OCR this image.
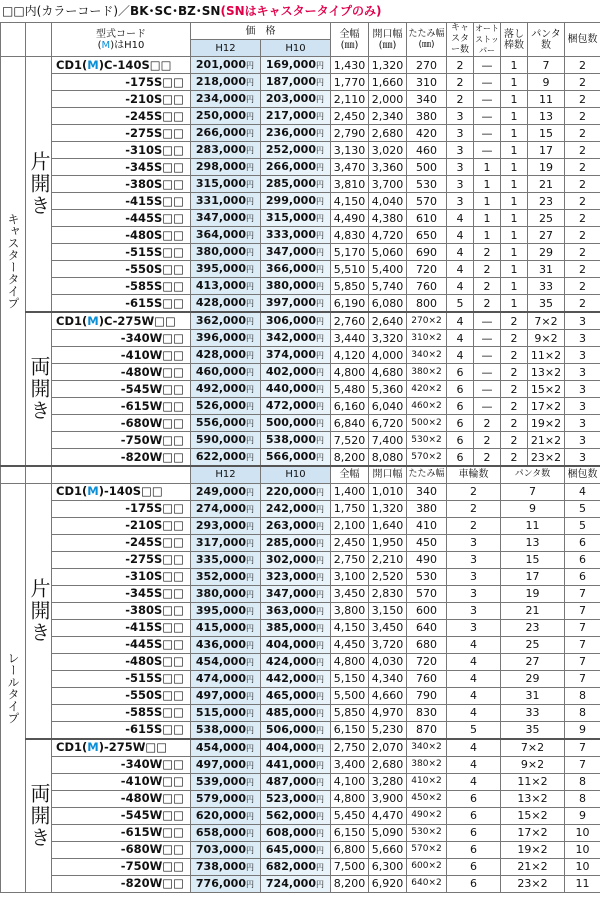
□□内(カラーコード)／BK･SC･BZ･SN(SNはキャスタータイプのみ)
		型式コード
(M)はH10	価　格		全幅
(㎜)	開口幅
(㎜)	たたみ幅
(㎜)	キャスター数	オートストッパー	落し棒数	パンタ数	梱包数
			H12	H10								
キャスタータイプ	片開き	CD1(M)C-140S□□	201,000円	169,000円	1,430	1,320	270	2	—	1	7	2
		-175S□□	218,000円	187,000円	1,770	1,660	310	2	—	1	9	2
		-210S□□	234,000円	203,000円	2,110	2,000	340	2	—	1	11	2
		-245S□□	250,000円	217,000円	2,450	2,340	380	3	—	1	13	2
		-275S□□	266,000円	236,000円	2,790	2,680	420	3	—	1	15	2
		-310S□□	283,000円	252,000円	3,130	3,020	460	3	—	1	17	2
		-345S□□	298,000円	266,000円	3,470	3,360	500	3	1	1	19	2
		-380S□□	315,000円	285,000円	3,810	3,700	530	3	1	1	21	2
		-415S□□	331,000円	299,000円	4,150	4,040	570	3	1	1	23	2
		-445S□□	347,000円	315,000円	4,490	4,380	610	4	1	1	25	2
		-480S□□	364,000円	333,000円	4,830	4,720	650	4	1	1	27	2
		-515S□□	380,000円	347,000円	5,170	5,060	690	4	2	1	29	2
		-550S□□	395,000円	366,000円	5,510	5,400	720	4	2	1	31	2
		-585S□□	413,000円	380,000円	5,850	5,740	760	4	2	1	33	2
		-615S□□	428,000円	397,000円	6,190	6,080	800	5	2	1	35	2
	両開き	CD1(M)C-275W□□	362,000円	306,000円	2,760	2,640	270×2	4	—	2	7×2	3
		-340W□□	396,000円	342,000円	3,440	3,320	310×2	4	—	2	9×2	3
		-410W□□	428,000円	374,000円	4,120	4,000	340×2	4	—	2	11×2	3
		-480W□□	460,000円	402,000円	4,800	4,680	380×2	6	—	2	13×2	3
		-545W□□	492,000円	440,000円	5,480	5,360	420×2	6	—	2	15×2	3
		-615W□□	526,000円	472,000円	6,160	6,040	460×2	6	—	2	17×2	3
		-680W□□	556,000円	500,000円	6,840	6,720	500×2	6	2	2	19×2	3
		-750W□□	590,000円	538,000円	7,520	7,400	530×2	6	2	2	21×2	3
		-820W□□	622,000円	566,000円	8,200	8,080	570×2	6	2	2	23×2	3
			H12	H10	全幅	開口幅	たたみ幅	車輪数		パンタ数		梱包数
レールタイプ	片開き	CD1(M)-140S□□	249,000円	220,000円	1,400	1,010	340	2		7		4
		-175S□□	274,000円	242,000円	1,750	1,320	380	2		9		5
		-210S□□	293,000円	263,000円	2,100	1,640	410	2		11		5
		-245S□□	317,000円	285,000円	2,450	1,950	450	3		13		6
		-275S□□	335,000円	302,000円	2,750	2,210	490	3		15		6
		-310S□□	352,000円	323,000円	3,100	2,520	530	3		17		6
		-345S□□	380,000円	347,000円	3,450	2,830	570	3		19		7
		-380S□□	395,000円	363,000円	3,800	3,150	600	3		21		7
		-415S□□	415,000円	385,000円	4,150	3,450	640	3		23		7
		-445S□□	436,000円	404,000円	4,450	3,720	680	4		25		7
		-480S□□	454,000円	424,000円	4,800	4,030	720	4		27		7
		-515S□□	474,000円	442,000円	5,150	4,340	760	4		29		7
		-550S□□	497,000円	465,000円	5,500	4,660	790	4		31		8
		-585S□□	515,000円	485,000円	5,850	4,970	830	4		33		8
		-615S□□	538,000円	506,000円	6,150	5,230	870	5		35		9
	両開き	CD1(M)-275W□□	454,000円	404,000円	2,750	2,070	340×2	4		7×2		7
		-340W□□	497,000円	441,000円	3,400	2,680	380×2	4		9×2		7
		-410W□□	539,000円	487,000円	4,100	3,280	410×2	4		11×2		8
		-480W□□	579,000円	523,000円	4,800	3,900	450×2	6		13×2		8
		-545W□□	620,000円	562,000円	5,450	4,470	490×2	6		15×2		9
		-615W□□	658,000円	608,000円	6,150	5,090	530×2	6		17×2		10
		-680W□□	703,000円	645,000円	6,800	5,660	570×2	6		19×2		10
		-750W□□	738,000円	682,000円	7,500	6,300	600×2	6		21×2		10
		-820W□□	776,000円	724,000円	8,200	6,920	640×2	6		23×2		11
